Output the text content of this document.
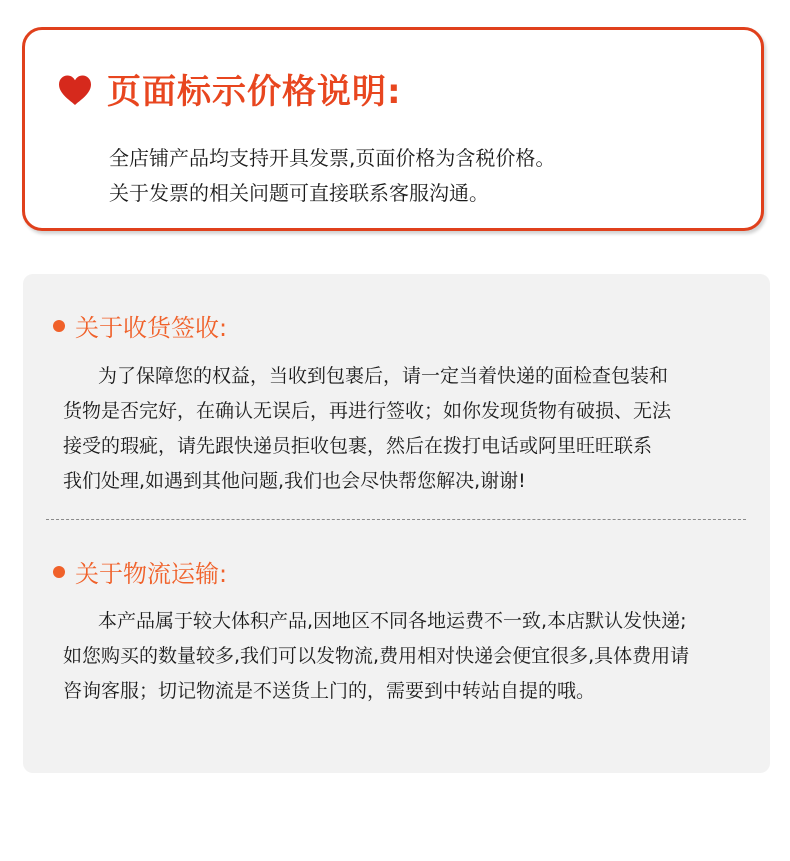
页面标示价格说明:
全店铺产品均支持开具发票,页面价格为含税价格。
关于发票的相关问题可直接联系客服沟通。
关于收货签收:
为了保障您的权益，当收到包裹后，请一定当着快递的面检查包装和
货物是否完好，在确认无误后，再进行签收；如你发现货物有破损、无法
接受的瑕疵，请先跟快递员拒收包裹，然后在拨打电话或阿里旺旺联系
我们处理,如遇到其他问题,我们也会尽快帮您解决,谢谢!
关于物流运输:
本产品属于较大体积产品,因地区不同各地运费不一致,本店默认发快递;
如您购买的数量较多,我们可以发物流,费用相对快递会便宜很多,具体费用请
咨询客服；切记物流是不送货上门的，需要到中转站自提的哦。
